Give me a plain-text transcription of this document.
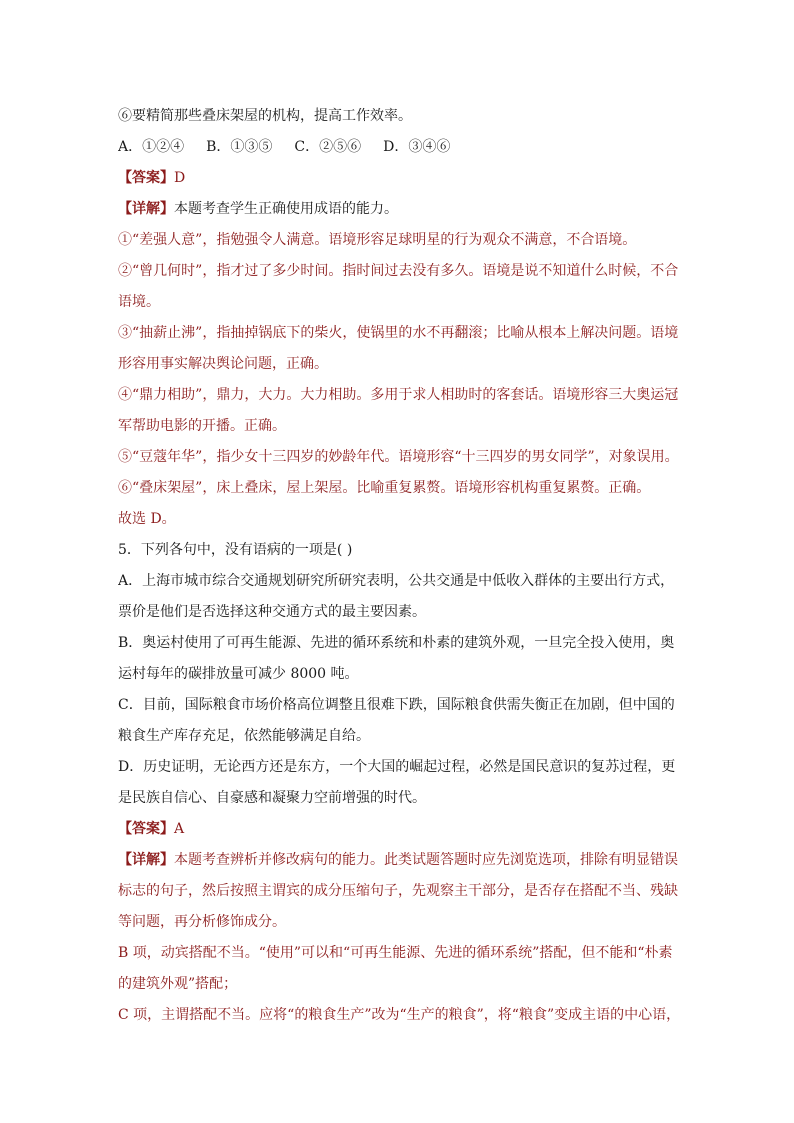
⑥要精简那些叠床架屋的机构，提高工作效率。
A．①②④ B．①③⑤ C．②⑤⑥ D．③④⑥
【答案】D
【详解】本题考查学生正确使用成语的能力。
①“差强人意”，指勉强令人满意。语境形容足球明星的行为观众不满意，不合语境。
②“曾几何时”，指才过了多少时间。指时间过去没有多久。语境是说不知道什么时候，不合
语境。
③“抽薪止沸”，指抽掉锅底下的柴火，使锅里的水不再翻滚；比喻从根本上解决问题。语境
形容用事实解决舆论问题，正确。
④“鼎力相助”，鼎力，大力。大力相助。多用于求人相助时的客套话。语境形容三大奥运冠
军帮助电影的开播。正确。
⑤“豆蔻年华”，指少女十三四岁的妙龄年代。语境形容“十三四岁的男女同学”，对象误用。
⑥“叠床架屋”，床上叠床，屋上架屋。比喻重复累赘。语境形容机构重复累赘。正确。
故选 D。
5．下列各句中，没有语病的一项是( )
A．上海市城市综合交通规划研究所研究表明，公共交通是中低收入群体的主要出行方式，
票价是他们是否选择这种交通方式的最主要因素。
B．奥运村使用了可再生能源、先进的循环系统和朴素的建筑外观，一旦完全投入使用，奥
运村每年的碳排放量可减少 8000 吨。
C．目前，国际粮食市场价格高位调整且很难下跌，国际粮食供需失衡正在加剧，但中国的
粮食生产库存充足，依然能够满足自给。
D．历史证明，无论西方还是东方，一个大国的崛起过程，必然是国民意识的复苏过程，更
是民族自信心、自豪感和凝聚力空前增强的时代。
【答案】A
【详解】本题考查辨析并修改病句的能力。此类试题答题时应先浏览选项，排除有明显错误
标志的句子，然后按照主谓宾的成分压缩句子，先观察主干部分，是否存在搭配不当、残缺
等问题，再分析修饰成分。
B 项，动宾搭配不当。“使用”可以和“可再生能源、先进的循环系统”搭配，但不能和“朴素
的建筑外观”搭配；
C 项，主谓搭配不当。应将“的粮食生产”改为“生产的粮食”，将“粮食”变成主语的中心语，
